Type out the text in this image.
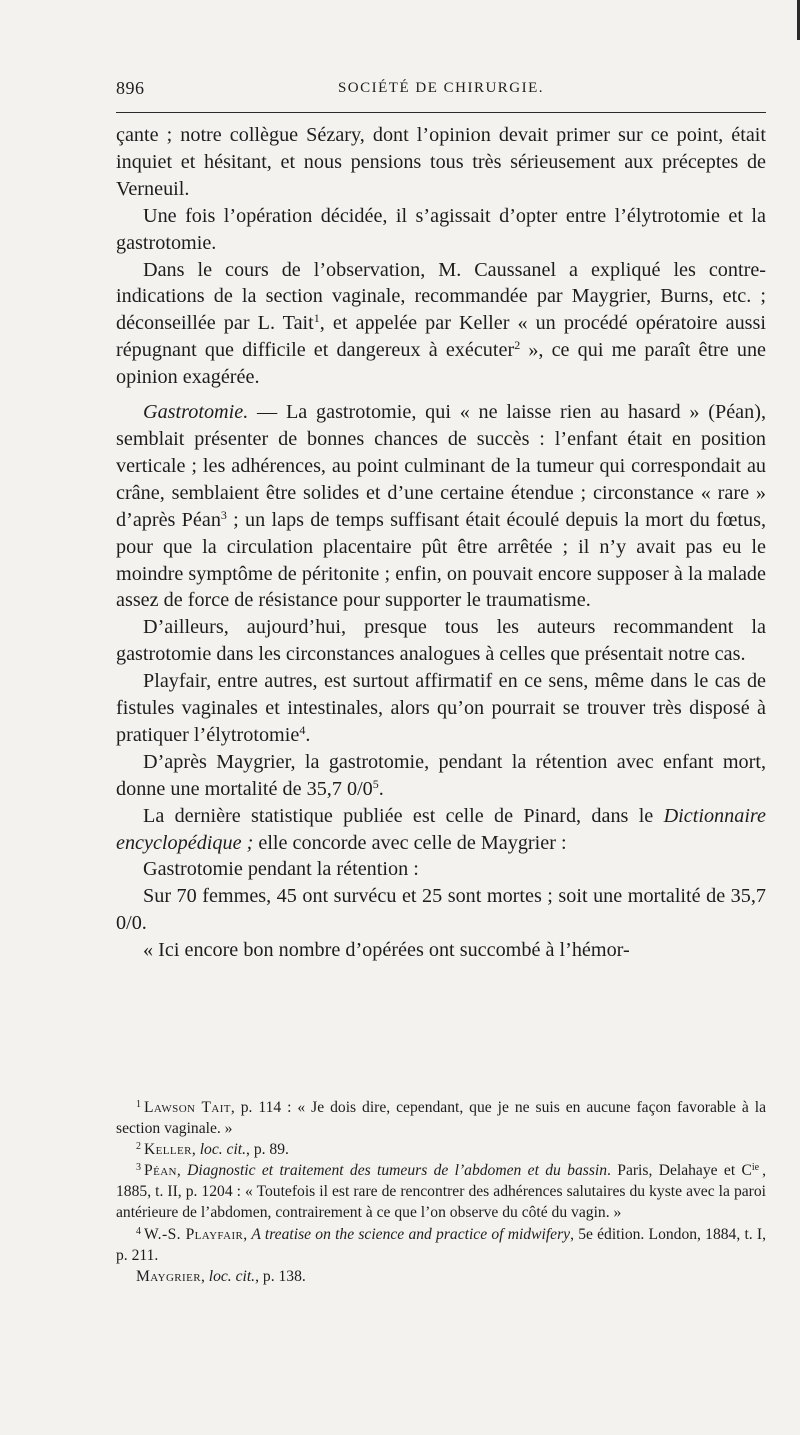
896	SOCIÉTÉ DE CHIRURGIE.

çante ; notre collègue Sézary, dont l’opinion devait primer sur ce point, était inquiet et hésitant, et nous pensions tous très sérieusement aux préceptes de Verneuil.

Une fois l’opération décidée, il s’agissait d’opter entre l’élytrotomie et la gastrotomie.

Dans le cours de l’observation, M. Caussanel a expliqué les contre-indications de la section vaginale, recommandée par Maygrier, Burns, etc. ; déconseillée par L. Tait$^1$, et appelée par Keller « un procédé opératoire aussi répugnant que difficile et dangereux à exécuter$^2$ », ce qui me paraît être une opinion exagérée.

Gastrotomie. — La gastrotomie, qui « ne laisse rien au hasard » (Péan), semblait présenter de bonnes chances de succès : l’enfant était en position verticale ; les adhérences, au point culminant de la tumeur qui correspondait au crâne, semblaient être solides et d’une certaine étendue ; circonstance « rare » d’après Péan$^3$ ; un laps de temps suffisant était écoulé depuis la mort du fœtus, pour que la circulation placentaire pût être arrêtée ; il n’y avait pas eu le moindre symptôme de péritonite ; enfin, on pouvait encore supposer à la malade assez de force de résistance pour supporter le traumatisme.

D’ailleurs, aujourd’hui, presque tous les auteurs recommandent la gastrotomie dans les circonstances analogues à celles que présentait notre cas.

Playfair, entre autres, est surtout affirmatif en ce sens, même dans le cas de fistules vaginales et intestinales, alors qu’on pourrait se trouver très disposé à pratiquer l’élytrotomie$^4$.

D’après Maygrier, la gastrotomie, pendant la rétention avec enfant mort, donne une mortalité de 35,7 $0/0^5$.

La dernière statistique publiée est celle de Pinard, dans le Dictionnaire encyclopédique ; elle concorde avec celle de Maygrier :

Gastrotomie pendant la rétention :

Sur 70 femmes, 45 ont survécu et 25 sont mortes ; soit une mortalité de 35,7 0/0.

« Ici encore bon nombre d’opérées ont succombé à l’hémor-

$^1$ Lawson Tait, p. 114 : « Je dois dire, cependant, que je ne suis en aucune façon favorable à la section vaginale. »

$^2$ Keller, loc. cit., p. 89.

$^3$ Péan, Diagnostic et traitement des tumeurs de l’abdomen et du bassin. Paris, Delahaye et C$^{ie}$ , 1885, t. II, p. 1204 : « Toutefois il est rare de rencontrer des adhérences salutaires du kyste avec la paroi antérieure de l’abdomen, contrairement à ce que l’on observe du côté du vagin. »

$^4$ W.-S. Playfair, A treatise on the science and practice of midwifery, 5e édition. London, 1884, t. I, p. 211.

Maygrier, loc. cit., p. 138.
